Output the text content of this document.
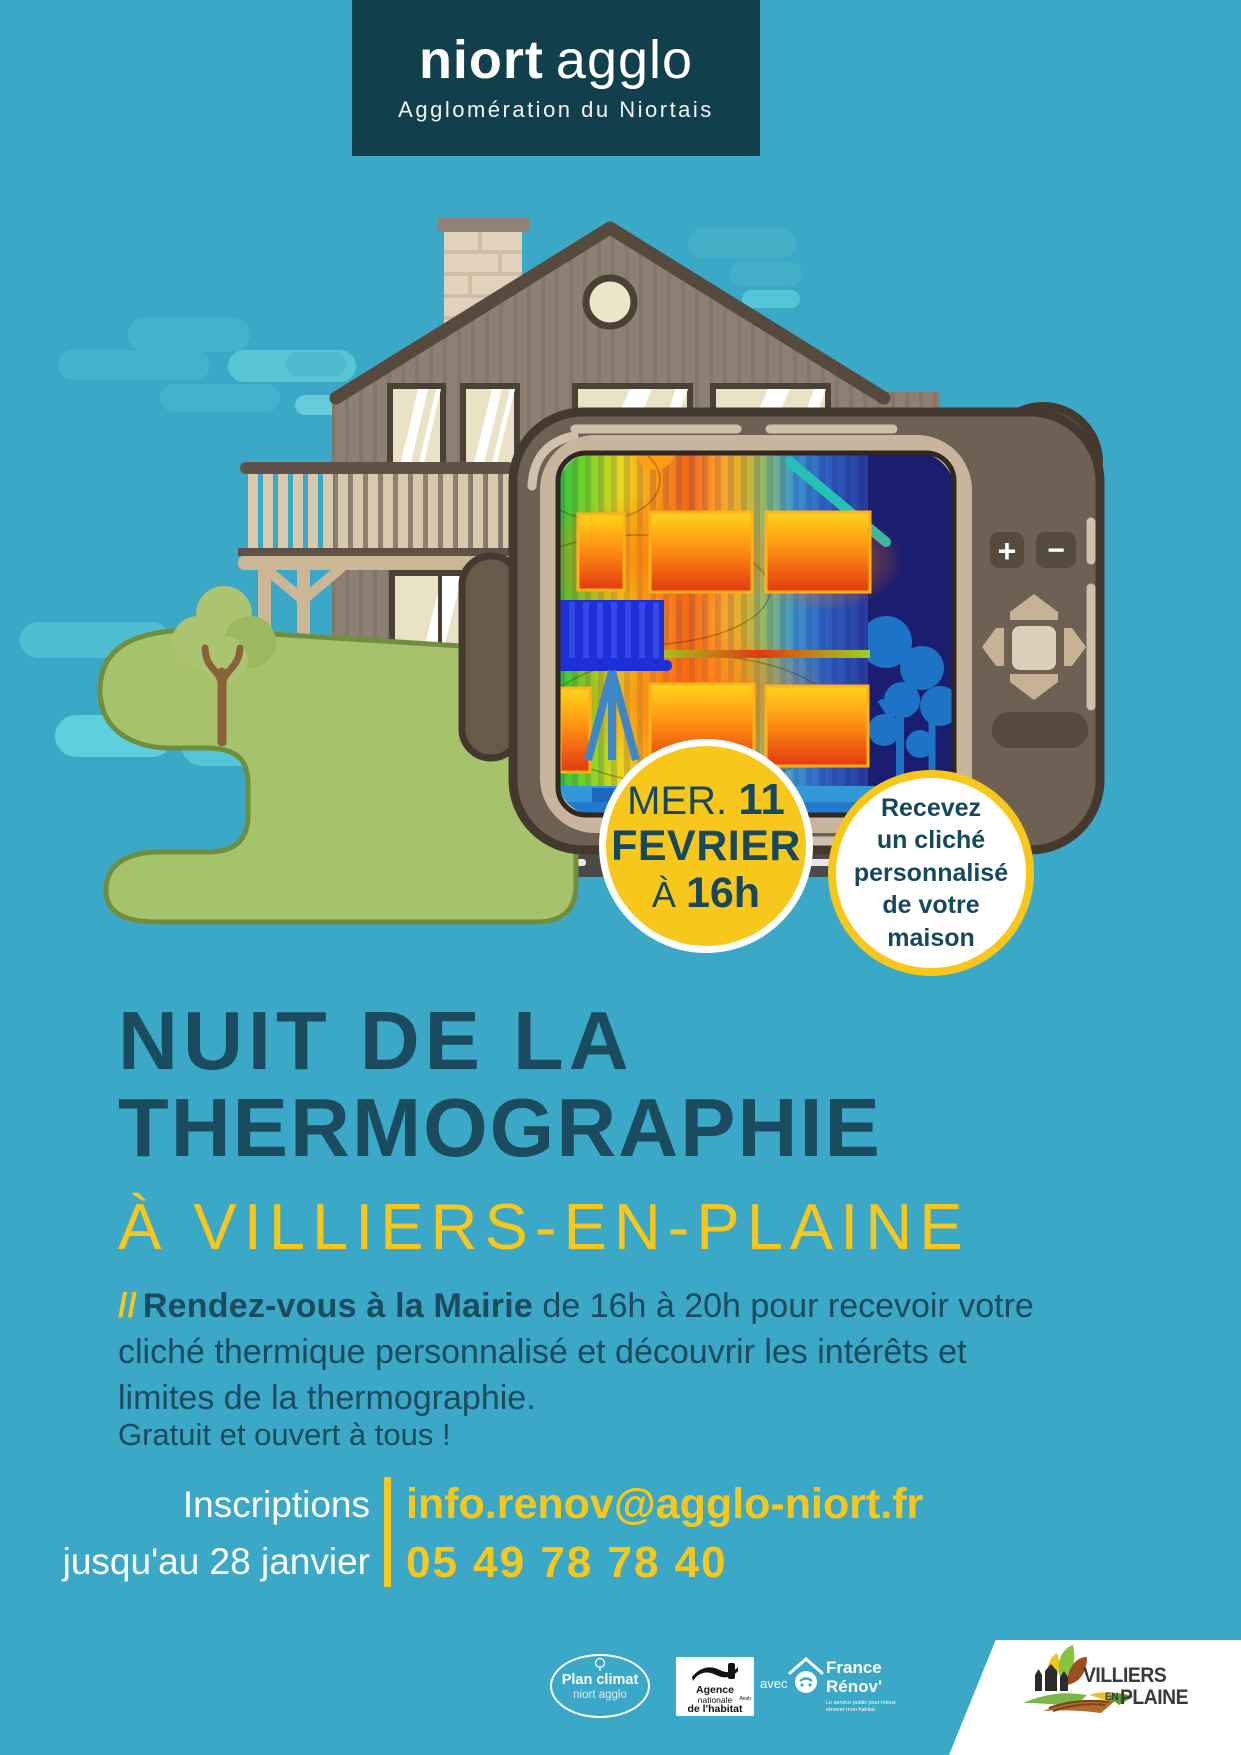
+ −
niort agglo
Agglomération du Niortais
MER. 11
FEVRIER
À 16h
Recevez
un cliché
personnalisé
de votre
maison
NUIT DE LA
THERMOGRAPHIE
À VILLIERS-EN-PLAINE
// Rendez-vous à la Mairie de 16h à 20h pour recevoir votre cliché thermique personnalisé et découvrir les intérêts et limites de la thermographie.
Gratuit et ouvert à tous !
Inscriptions
jusqu'au 28 janvier
info.renov@agglo-niort.fr
05 49 78 78 40
Plan climat
niort agglo	Agence
nationale
de l'habitat
Anah
avec
France
Rénov'
Le service public pour mieux
rénover mon habitat
VILLIERS
ENPLAINE
